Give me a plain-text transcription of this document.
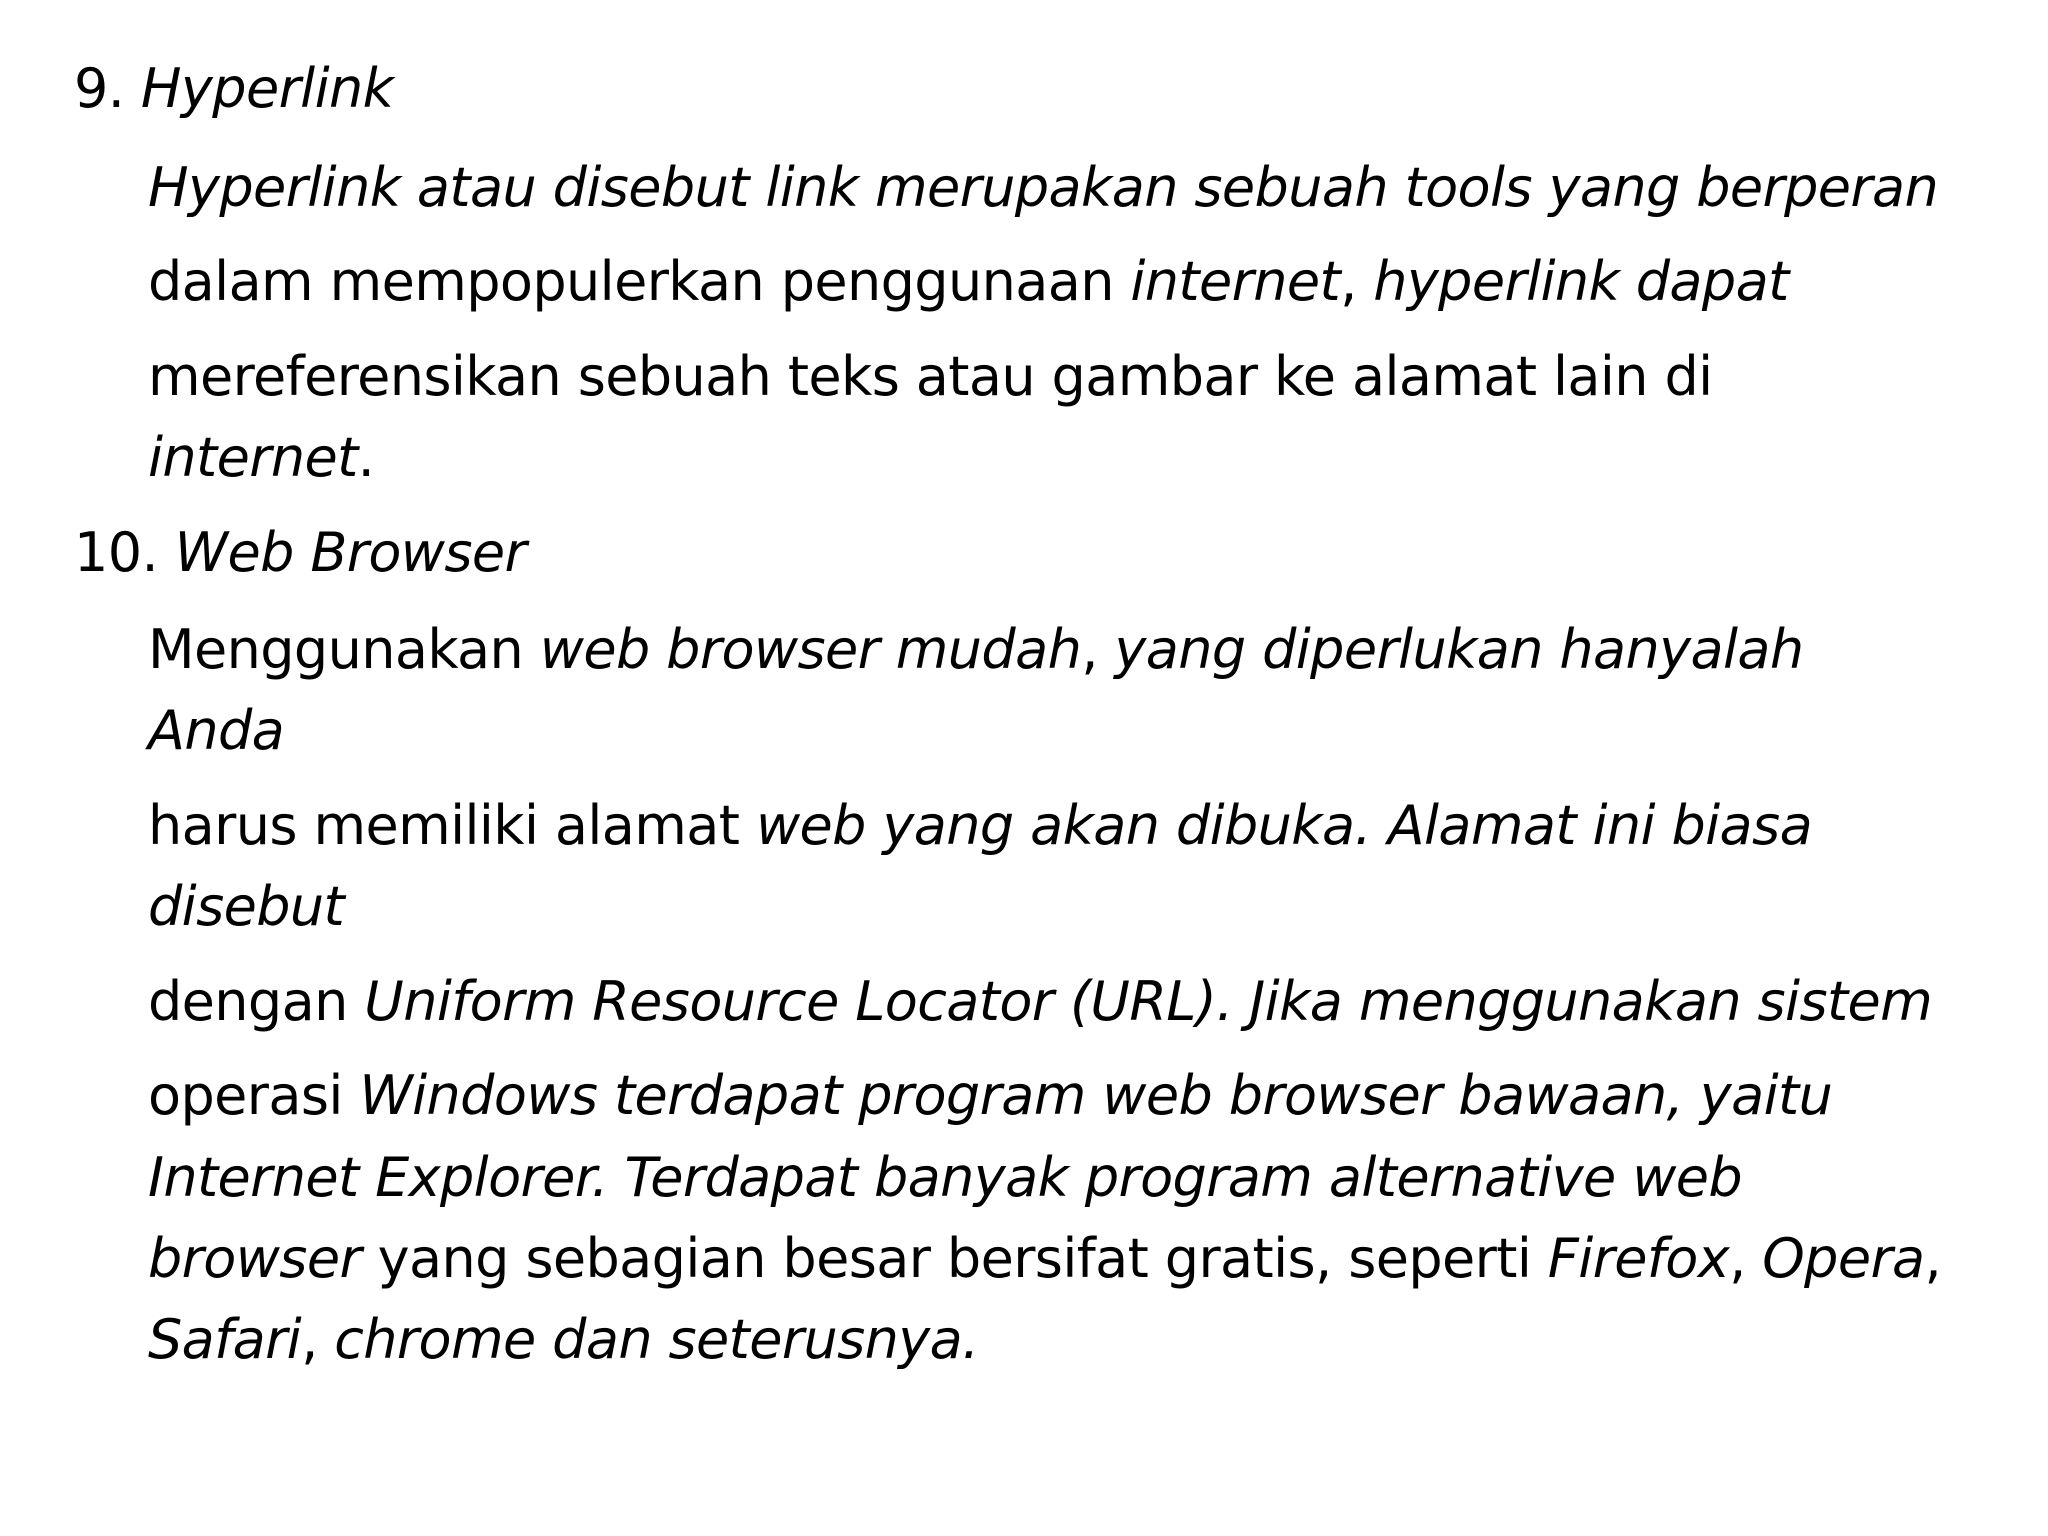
9. Hyperlink
Hyperlink atau disebut link merupakan sebuah tools yang berperan
dalam mempopulerkan penggunaan internet, hyperlink dapat
mereferensikan sebuah teks atau gambar ke alamat lain di
internet.
10. Web Browser
Menggunakan web browser mudah, yang diperlukan hanyalah
Anda
harus memiliki alamat web yang akan dibuka. Alamat ini biasa
disebut
dengan Uniform Resource Locator (URL). Jika menggunakan sistem
operasi Windows terdapat program web browser bawaan, yaitu
Internet Explorer. Terdapat banyak program alternative web
browser yang sebagian besar bersifat gratis, seperti Firefox, Opera,
Safari, chrome dan seterusnya.
